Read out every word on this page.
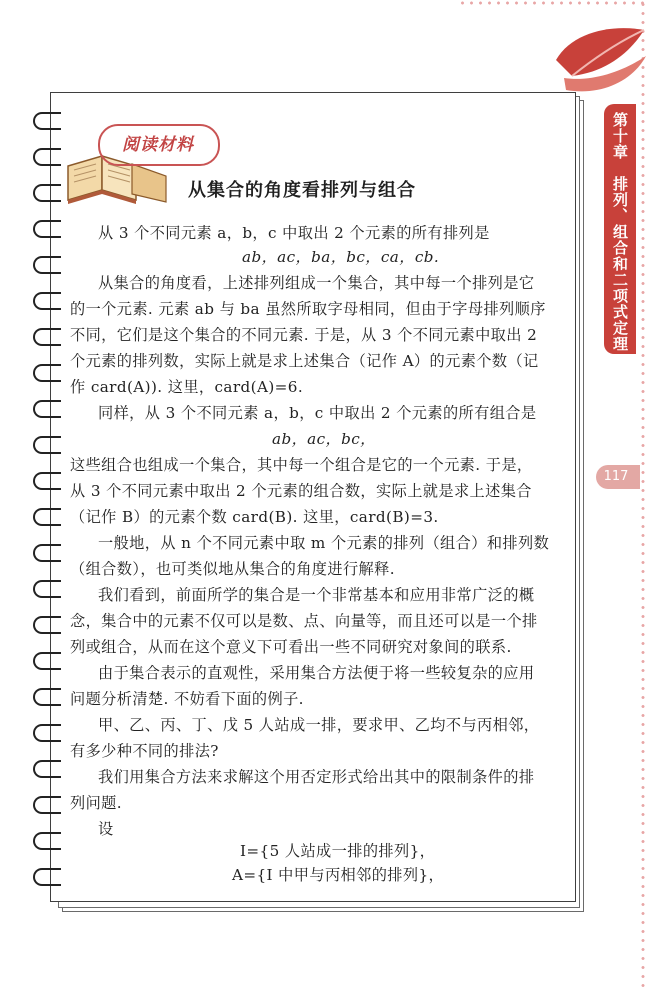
第十章　排列、组合和二项式定理
117
阅读材料
从集合的角度看排列与组合
从 3 个不同元素 a，b，c 中取出 2 个元素的所有排列是
ab，ac，ba，bc，ca，cb.
从集合的角度看，上述排列组成一个集合，其中每一个排列是它
的一个元素. 元素 ab 与 ba 虽然所取字母相同，但由于字母排列顺序
不同，它们是这个集合的不同元素. 于是，从 3 个不同元素中取出 2
个元素的排列数，实际上就是求上述集合（记作 A）的元素个数（记
作 card(A)). 这里，card(A)=6.
同样，从 3 个不同元素 a，b，c 中取出 2 个元素的所有组合是
ab，ac，bc，
这些组合也组成一个集合，其中每一个组合是它的一个元素. 于是，
从 3 个不同元素中取出 2 个元素的组合数，实际上就是求上述集合
（记作 B）的元素个数 card(B). 这里，card(B)=3.
一般地，从 n 个不同元素中取 m 个元素的排列（组合）和排列数
（组合数），也可类似地从集合的角度进行解释.
我们看到，前面所学的集合是一个非常基本和应用非常广泛的概
念，集合中的元素不仅可以是数、点、向量等，而且还可以是一个排
列或组合，从而在这个意义下可看出一些不同研究对象间的联系.
由于集合表示的直观性，采用集合方法便于将一些较复杂的应用
问题分析清楚. 不妨看下面的例子.
甲、乙、丙、丁、戊 5 人站成一排，要求甲、乙均不与丙相邻，
有多少种不同的排法?
我们用集合方法来求解这个用否定形式给出其中的限制条件的排
列问题.
设
I={5 人站成一排的排列}，
A={I 中甲与丙相邻的排列}，
